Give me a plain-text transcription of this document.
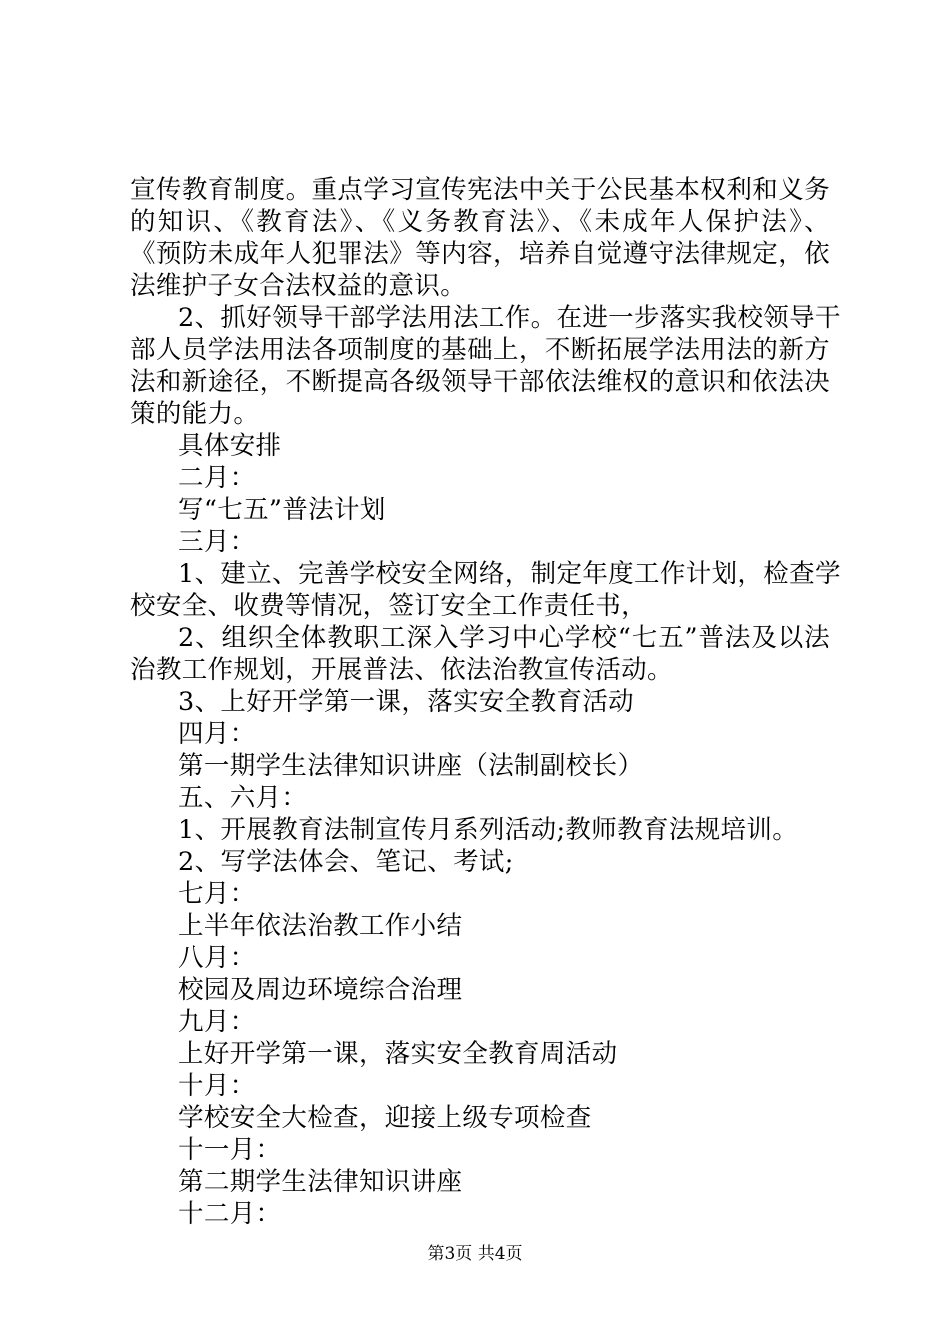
宣传教育制度。重点学习宣传宪法中关于公民基本权利和义务
的知识、《教育法》、《义务教育法》、《未成年人保护法》、
《预防未成年人犯罪法》等内容，培养自觉遵守法律规定，依
法维护子女合法权益的意识。
2、抓好领导干部学法用法工作。在进一步落实我校领导干
部人员学法用法各项制度的基础上，不断拓展学法用法的新方
法和新途径，不断提高各级领导干部依法维权的意识和依法决
策的能力。
具体安排
二月：
写“七五”普法计划
三月：
1、建立、完善学校安全网络，制定年度工作计划，检查学
校安全、收费等情况，签订安全工作责任书，
2、组织全体教职工深入学习中心学校“七五”普法及以法
治教工作规划，开展普法、依法治教宣传活动。
3、上好开学第一课，落实安全教育活动
四月：
第一期学生法律知识讲座（法制副校长）
五、六月：
1、开展教育法制宣传月系列活动;教师教育法规培训。
2、写学法体会、笔记、考试;
七月：
上半年依法治教工作小结
八月：
校园及周边环境综合治理
九月：
上好开学第一课，落实安全教育周活动
十月：
学校安全大检查，迎接上级专项检查
十一月：
第二期学生法律知识讲座
十二月：
第3页 共4页
